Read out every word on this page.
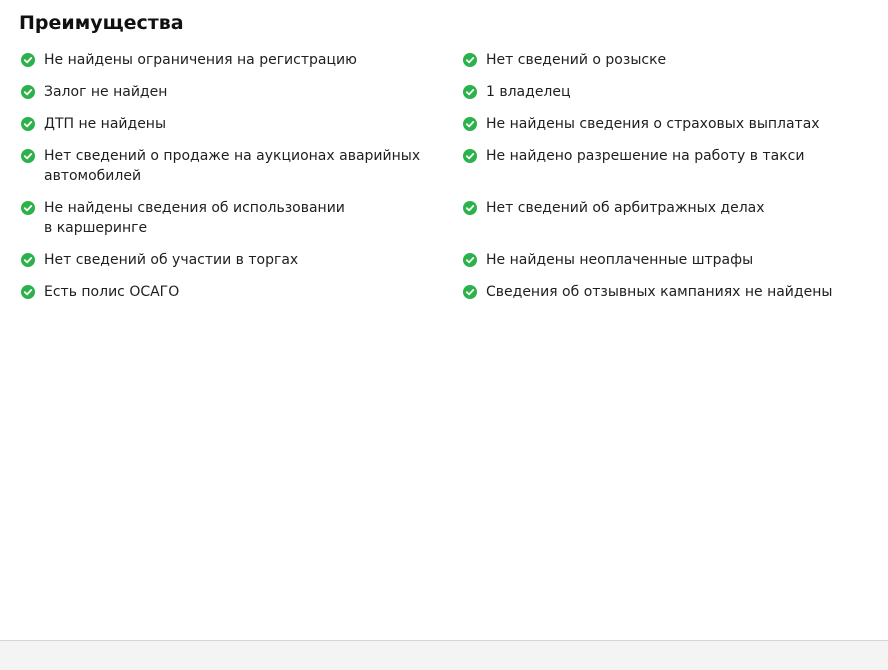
Преимущества
Не найдены ограничения на регистрацию
Залог не найден
ДТП не найдены
Нет сведений о продаже на аукционах аварийных
автомобилей
Не найдены сведения об использовании
в каршеринге
Нет сведений об участии в торгах
Есть полис ОСАГО
Нет сведений о розыске
1 владелец
Не найдены сведения о страховых выплатах
Не найдено разрешение на работу в такси
Нет сведений об арбитражных делах
Не найдены неоплаченные штрафы
Сведения об отзывных кампаниях не найдены
